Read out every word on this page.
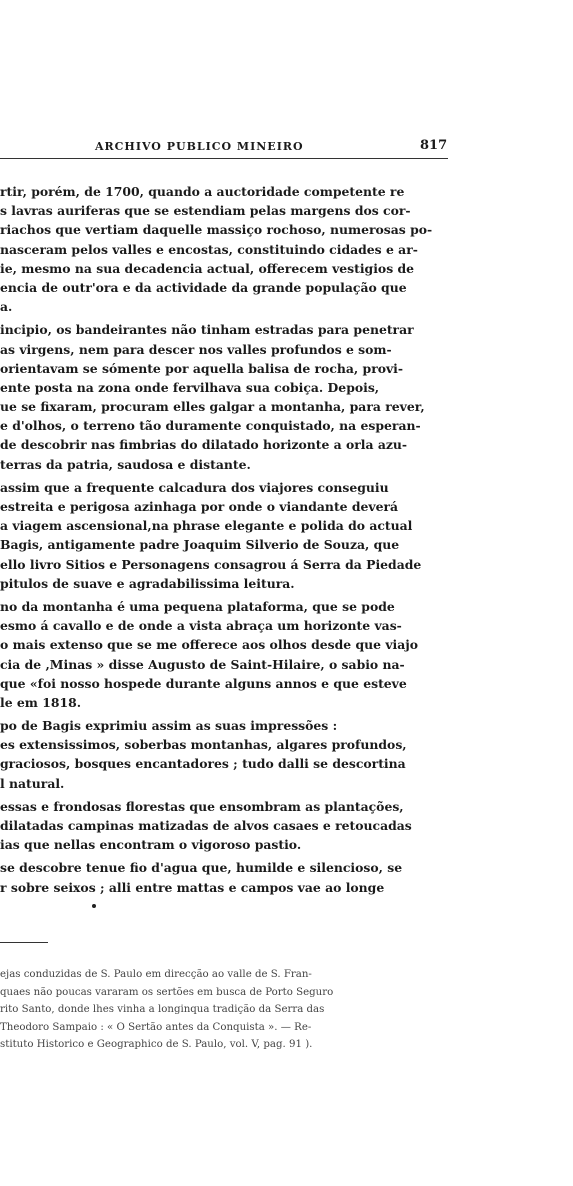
ARCHIVO PUBLICO MINEIRO	817
rtir, porém, de 1700, quando a auctoridade competente re
s lavras auriferas que se estendiam pelas margens dos cor-
riachos que vertiam daquelle massiço rochoso, numerosas po-
nasceram pelos valles e encostas, constituindo cidades e ar-
ie, mesmo na sua decadencia actual, offerecem vestigios de
encia de outr'ora e da actividade da grande população que
a.
incipio, os bandeirantes não tinham estradas para penetrar
as virgens, nem para descer nos valles profundos e som-
orientavam se sómente por aquella balisa de rocha, provi-
ente posta na zona onde fervilhava sua cobiça. Depois,
ue se fixaram, procuram elles galgar a montanha, para rever,
e d'olhos, o terreno tão duramente conquistado, na esperan-
de descobrir nas fimbrias do dilatado horizonte a orla azu-
terras da patria, saudosa e distante.
assim que a frequente calcadura dos viajores conseguiu
estreita e perigosa azinhaga por onde o viandante deverá
a viagem ascensional,na phrase elegante e polida do actual
Bagis, antigamente padre Joaquim Silverio de Souza, que
ello livro Sitios e Personagens consagrou á Serra da Piedade
pitulos de suave e agradabilissima leitura.
no da montanha é uma pequena plataforma, que se pode
esmo á cavallo e de onde a vista abraça um horizonte vas-
o mais extenso que se me offerece aos olhos desde que viajo
cia de ,Minas » disse Augusto de Saint-Hilaire, o sabio na-
que «foi nosso hospede durante alguns annos e que esteve
le em 1818.
po de Bagis exprimiu assim as suas impressões :
es extensissimos, soberbas montanhas, algares profundos,
graciosos, bosques encantadores ; tudo dalli se descortina
l natural.
essas e frondosas florestas que ensombram as plantações,
dilatadas campinas matizadas de alvos casaes e retoucadas
ias que nellas encontram o vigoroso pastio.
se descobre tenue fio d'agua que, humilde e silencioso, se
r sobre seixos ; alli entre mattas e campos vae ao longe
ejas conduzidas de S. Paulo em direcção ao valle de S. Fran-
quaes não poucas vararam os sertões em busca de Porto Seguro
rito Santo, donde lhes vinha a longinqua tradição da Serra das
Theodoro Sampaio : « O Sertão antes da Conquista ». — Re-
stituto Historico e Geographico de S. Paulo, vol. V, pag. 91 ).
